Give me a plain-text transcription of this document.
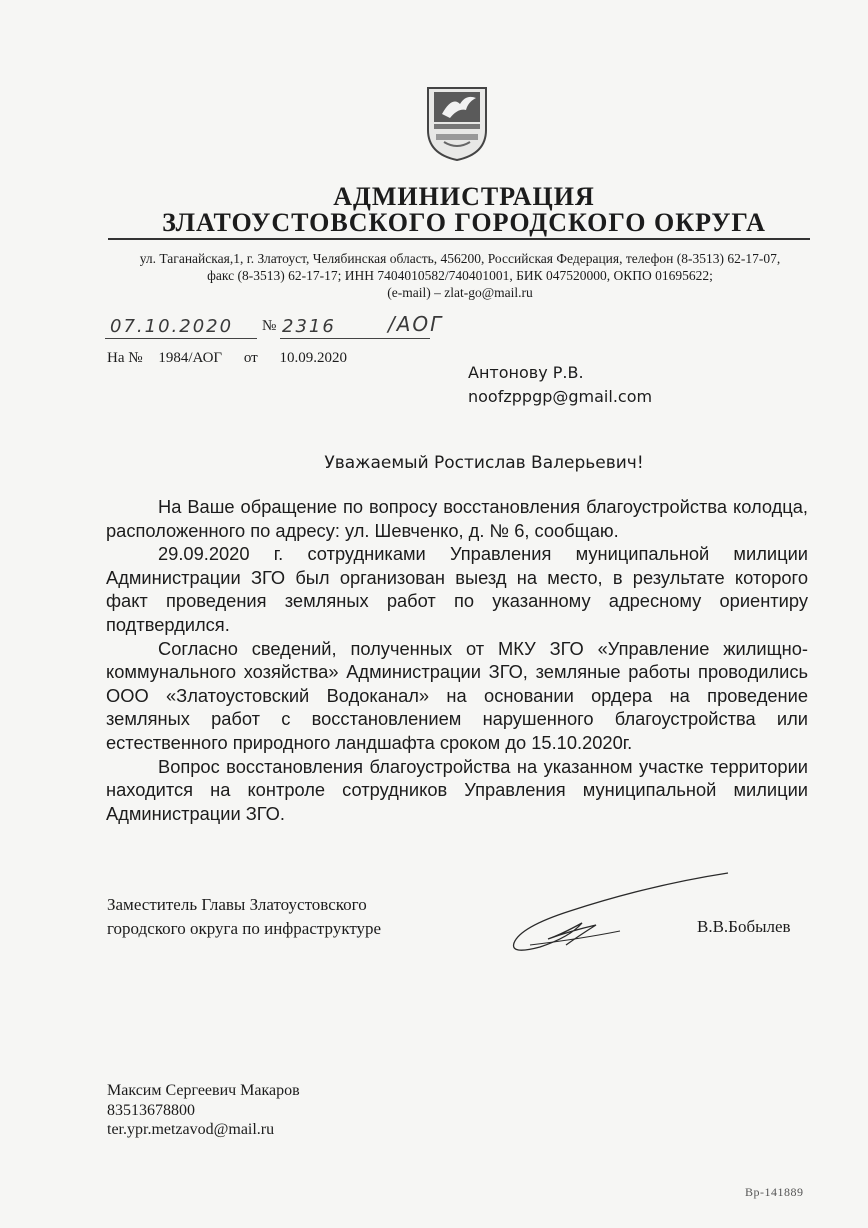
АДМИНИСТРАЦИЯ
ЗЛАТОУСТОВСКОГО ГОРОДСКОГО ОКРУГА
ул. Таганайская,1, г. Златоуст, Челябинская область, 456200, Российская Федерация, телефон (8-3513) 62-17-07,
факс (8-3513) 62-17-17; ИНН 7404010582/740401001, БИК 047520000, ОКПО 01695622;
(e-mail) – zlat-go@mail.ru
07.10.2020 № 2316	/АОГ
На № 1984/АОГ от 10.09.2020
Антонову Р.В.
noofzppgp@gmail.com
Уважаемый Ростислав Валерьевич!

На Ваше обращение по вопросу восстановления благоустройства колодца, расположенного по адресу: ул. Шевченко, д. № 6, сообщаю.

29.09.2020 г. сотрудниками Управления муниципальной милиции Администрации ЗГО был организован выезд на место, в результате которого факт проведения земляных работ по указанному адресному ориентиру подтвердился.

Согласно сведений, полученных от МКУ ЗГО «Управление жилищно-коммунального хозяйства» Администрации ЗГО, земляные работы проводились ООО «Златоустовский Водоканал» на основании ордера на проведение земляных работ с восстановлением нарушенного благоустройства или естественного природного ландшафта сроком до 15.10.2020г.

Вопрос восстановления благоустройства на указанном участке территории находится на контроле сотрудников Управления муниципальной милиции Администрации ЗГО.

Заместитель Главы Златоустовского
городского округа по инфраструктуре	В.В.Бобылев
Максим Сергеевич Макаров
83513678800
ter.ypr.metzavod@mail.ru
Вр-141889
